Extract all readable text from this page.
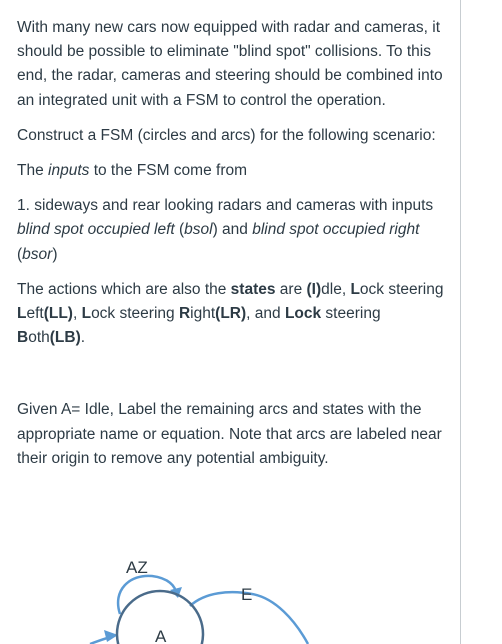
With many new cars now equipped with radar and cameras, it should be possible to eliminate "blind spot" collisions. To this end, the radar, cameras and steering should be combined into an integrated unit with a FSM to control the operation.

Construct a FSM (circles and arcs) for the following scenario:

The inputs to the FSM come from

1. sideways and rear looking radars and cameras with inputs blind spot occupied left (bsol) and blind spot occupied right (bsor)

The actions which are also the states are (I)dle, Lock steering Left(LL), Lock steering Right(LR), and Lock steering Both(LB).

Given A= Idle, Label the remaining arcs and states with the appropriate name or equation. Note that arcs are labeled near their origin to remove any potential ambiguity.

AZ
E
A
